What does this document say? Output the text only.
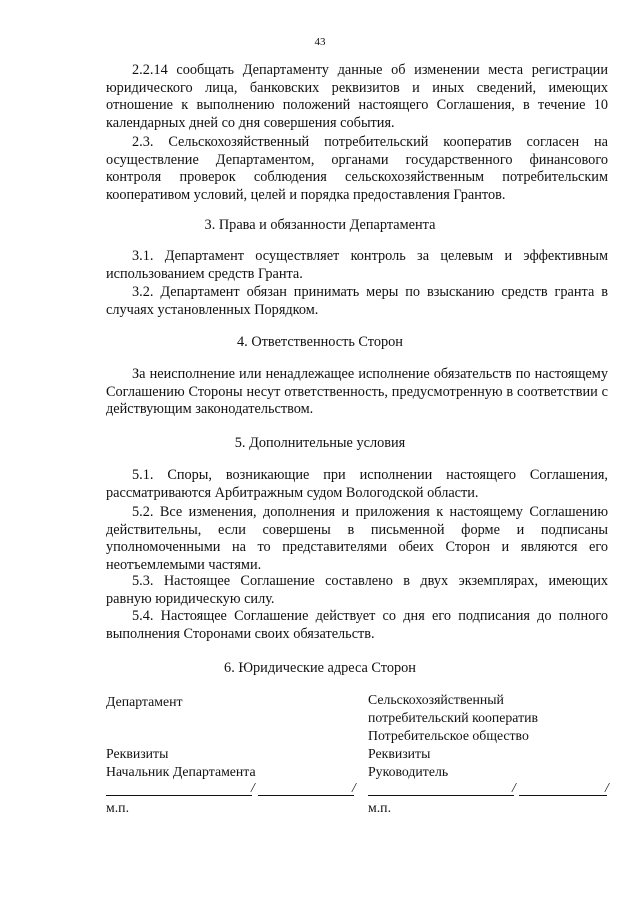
43

2.2.14 сообщать Департаменту данные об изменении места регистрации юридического лица, банковских реквизитов и иных сведений, имеющих отношение к выполнению положений настоящего Соглашения, в течение 10 календарных дней со дня совершения события.

2.3. Сельскохозяйственный потребительский кооператив согласен на осуществление Департаментом, органами государственного финансового контроля проверок соблюдения сельскохозяйственным потребительским кооперативом условий, целей и порядка предоставления Грантов.

3. Права и обязанности Департамента

3.1. Департамент осуществляет контроль за целевым и эффективным использованием средств Гранта.

3.2. Департамент обязан принимать меры по взысканию средств гранта в случаях установленных Порядком.

4. Ответственность Сторон

За неисполнение или ненадлежащее исполнение обязательств по настоящему Соглашению Стороны несут ответственность, предусмотренную в соответствии с действующим законодательством.

5. Дополнительные условия

5.1. Споры, возникающие при исполнении настоящего Соглашения, рассматриваются Арбитражным судом Вологодской области.

5.2. Все изменения, дополнения и приложения к настоящему Соглашению действительны, если совершены в письменной форме и подписаны уполномоченными на то представителями обеих Сторон и являются его неотъемлемыми частями.

5.3. Настоящее Соглашение составлено в двух экземплярах, имеющих равную юридическую силу.

5.4. Настоящее Соглашение действует со дня его подписания до полного выполнения Сторонами своих обязательств.

6. Юридические адреса Сторон

Департамент

Реквизиты

Начальник Департамента

/	/

м.п.

Сельскохозяйственный

потребительский кооператив

Потребительское общество

Реквизиты

Руководитель

/	/

м.п.
